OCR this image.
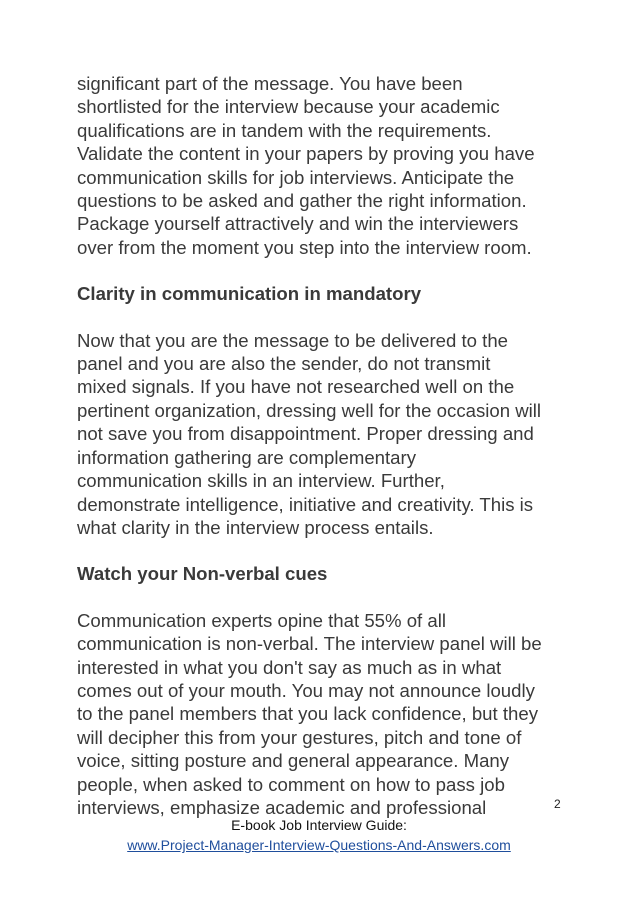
significant part of the message. You have been
shortlisted for the interview because your academic
qualifications are in tandem with the requirements.
Validate the content in your papers by proving you have
communication skills for job interviews. Anticipate the
questions to be asked and gather the right information.
Package yourself attractively and win the interviewers
over from the moment you step into the interview room.

Clarity in communication in mandatory

Now that you are the message to be delivered to the
panel and you are also the sender, do not transmit
mixed signals. If you have not researched well on the
pertinent organization, dressing well for the occasion will
not save you from disappointment. Proper dressing and
information gathering are complementary
communication skills in an interview. Further,
demonstrate intelligence, initiative and creativity. This is
what clarity in the interview process entails.

Watch your Non-verbal cues

Communication experts opine that 55% of all
communication is non-verbal. The interview panel will be
interested in what you don't say as much as in what
comes out of your mouth. You may not announce loudly
to the panel members that you lack confidence, but they
will decipher this from your gestures, pitch and tone of
voice, sitting posture and general appearance. Many
people, when asked to comment on how to pass job
interviews, emphasize academic and professional	2
E-book Job Interview Guide:
www.Project-Manager-Interview-Questions-And-Answers.com
